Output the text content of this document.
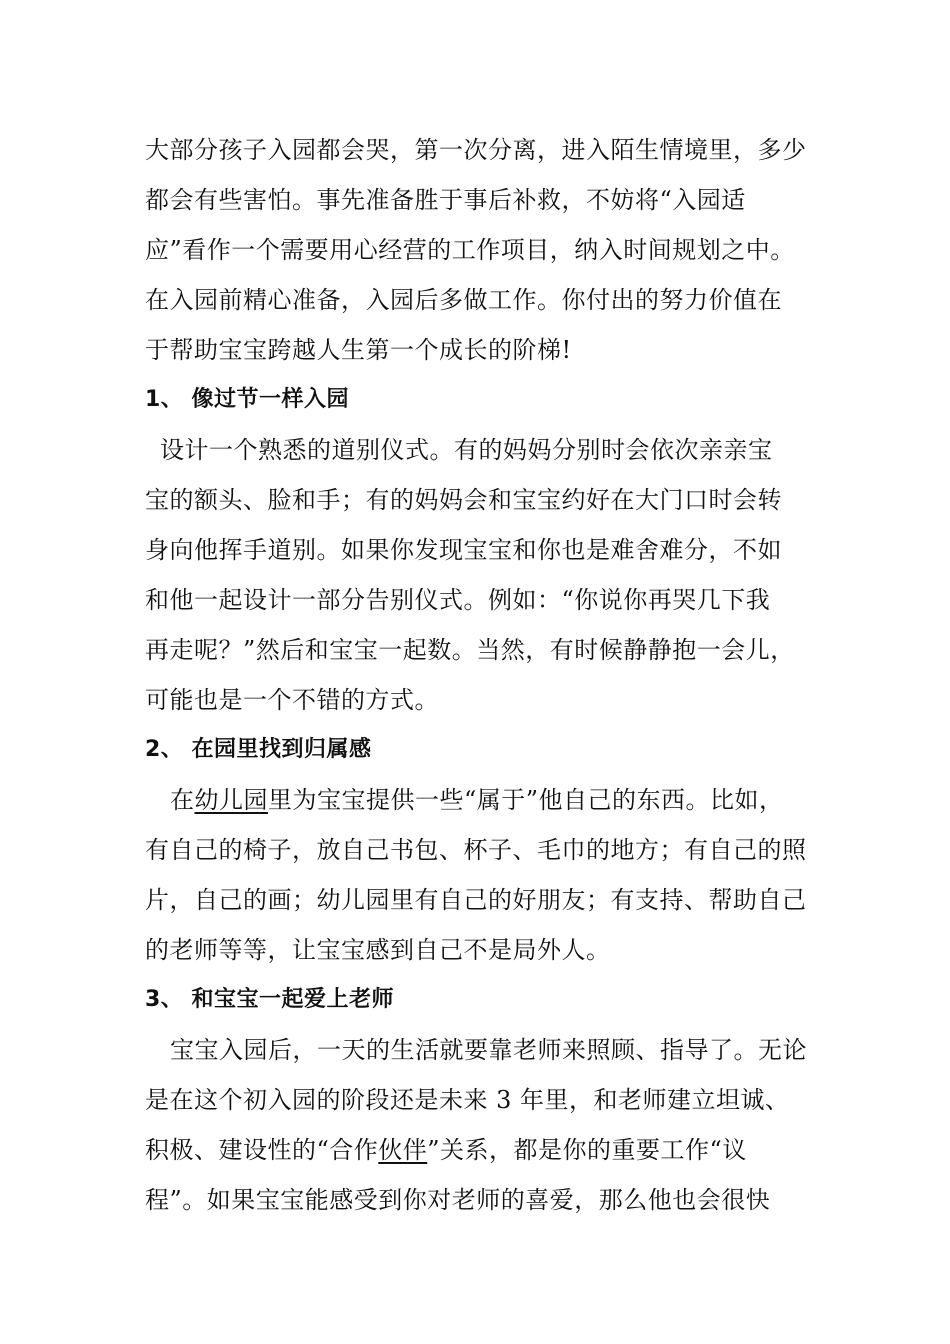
大部分孩子入园都会哭，第一次分离，进入陌生情境里，多少
都会有些害怕。事先准备胜于事后补救，不妨将“入园适
应”看作一个需要用心经营的工作项目，纳入时间规划之中。
在入园前精心准备，入园后多做工作。你付出的努力价值在
于帮助宝宝跨越人生第一个成长的阶梯!
1、 像过节一样入园
设计一个熟悉的道别仪式。有的妈妈分别时会依次亲亲宝
宝的额头、脸和手；有的妈妈会和宝宝约好在大门口时会转
身向他挥手道别。如果你发现宝宝和你也是难舍难分，不如
和他一起设计一部分告别仪式。例如：“你说你再哭几下我
再走呢？”然后和宝宝一起数。当然，有时候静静抱一会儿，
可能也是一个不错的方式。
2、 在园里找到归属感
在幼儿园里为宝宝提供一些“属于”他自己的东西。比如，
有自己的椅子，放自己书包、杯子、毛巾的地方；有自己的照
片，自己的画；幼儿园里有自己的好朋友；有支持、帮助自己
的老师等等，让宝宝感到自己不是局外人。
3、 和宝宝一起爱上老师
宝宝入园后，一天的生活就要靠老师来照顾、指导了。无论
是在这个初入园的阶段还是未来 3 年里，和老师建立坦诚、
积极、建设性的“合作伙伴”关系，都是你的重要工作“议
程”。如果宝宝能感受到你对老师的喜爱，那么他也会很快
